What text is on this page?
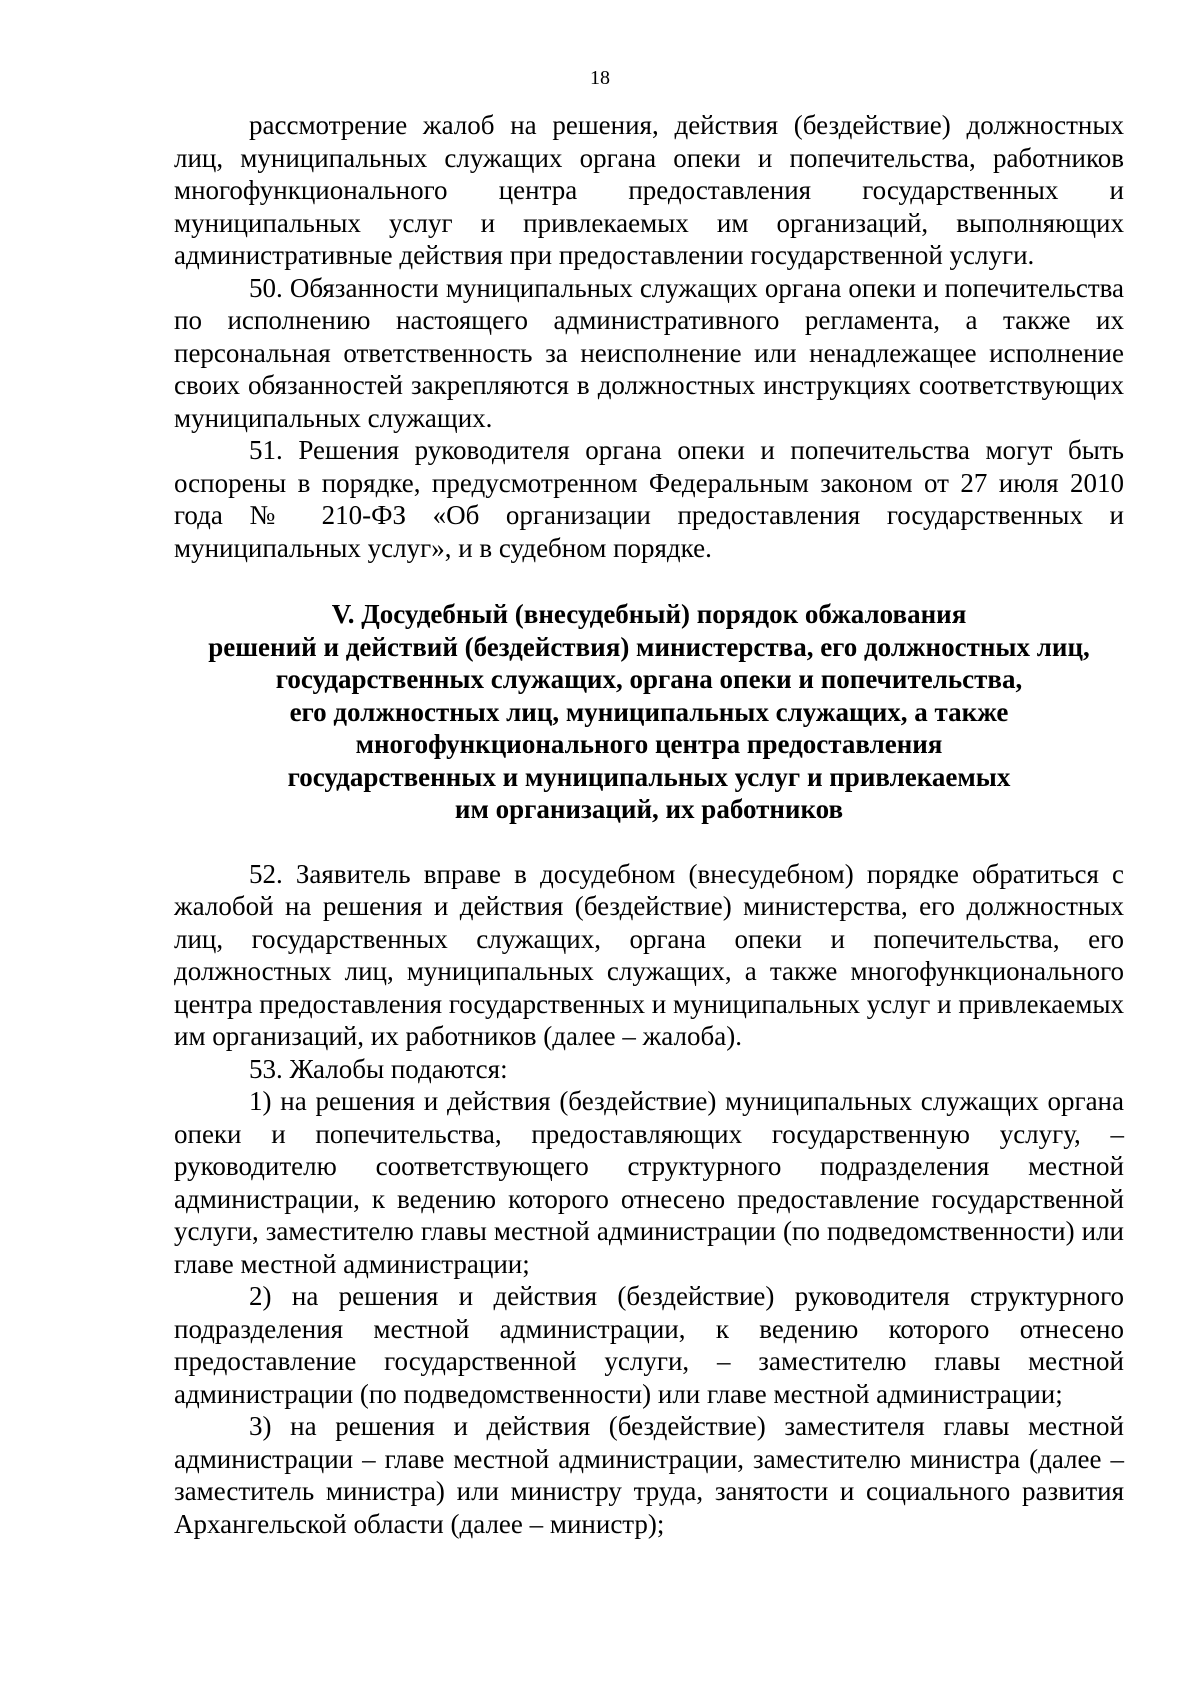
18

рассмотрение жалоб на решения, действия (бездействие) должностных лиц, муниципальных служащих органа опеки и попечительства, работников многофункционального центра предоставления государственных и муниципальных услуг и привлекаемых им организаций, выполняющих административные действия при предоставлении государственной услуги.

50. Обязанности муниципальных служащих органа опеки и попечительства по исполнению настоящего административного регламента, а также их персональная ответственность за неисполнение или ненадлежащее исполнение своих обязанностей закрепляются в должностных инструкциях соответствующих муниципальных служащих.

51. Решения руководителя органа опеки и попечительства могут быть оспорены в порядке, предусмотренном Федеральным законом от 27 июля 2010 года № 210-ФЗ «Об организации предоставления государственных и муниципальных услуг», и в судебном порядке.

V. Досудебный (внесудебный) порядок обжалования
решений и действий (бездействия) министерства, его должностных лиц,
государственных служащих, органа опеки и попечительства,
его должностных лиц, муниципальных служащих, а также
многофункционального центра предоставления
государственных и муниципальных услуг и привлекаемых
им организаций, их работников

52. Заявитель вправе в досудебном (внесудебном) порядке обратиться с жалобой на решения и действия (бездействие) министерства, его должностных лиц, государственных служащих, органа опеки и попечительства, его должностных лиц, муниципальных служащих, а также многофункционального центра предоставления государственных и муниципальных услуг и привлекаемых им организаций, их работников (далее – жалоба).

53. Жалобы подаются:

1) на решения и действия (бездействие) муниципальных служащих органа опеки и попечительства, предоставляющих государственную услугу, – руководителю соответствующего структурного подразделения местной администрации, к ведению которого отнесено предоставление государственной услуги, заместителю главы местной администрации (по подведомственности) или главе местной администрации;

2) на решения и действия (бездействие) руководителя структурного подразделения местной администрации, к ведению которого отнесено предоставление государственной услуги, – заместителю главы местной администрации (по подведомственности) или главе местной администрации;

3) на решения и действия (бездействие) заместителя главы местной администрации – главе местной администрации, заместителю министра (далее – заместитель министра) или министру труда, занятости и социального развития Архангельской области (далее – министр);
